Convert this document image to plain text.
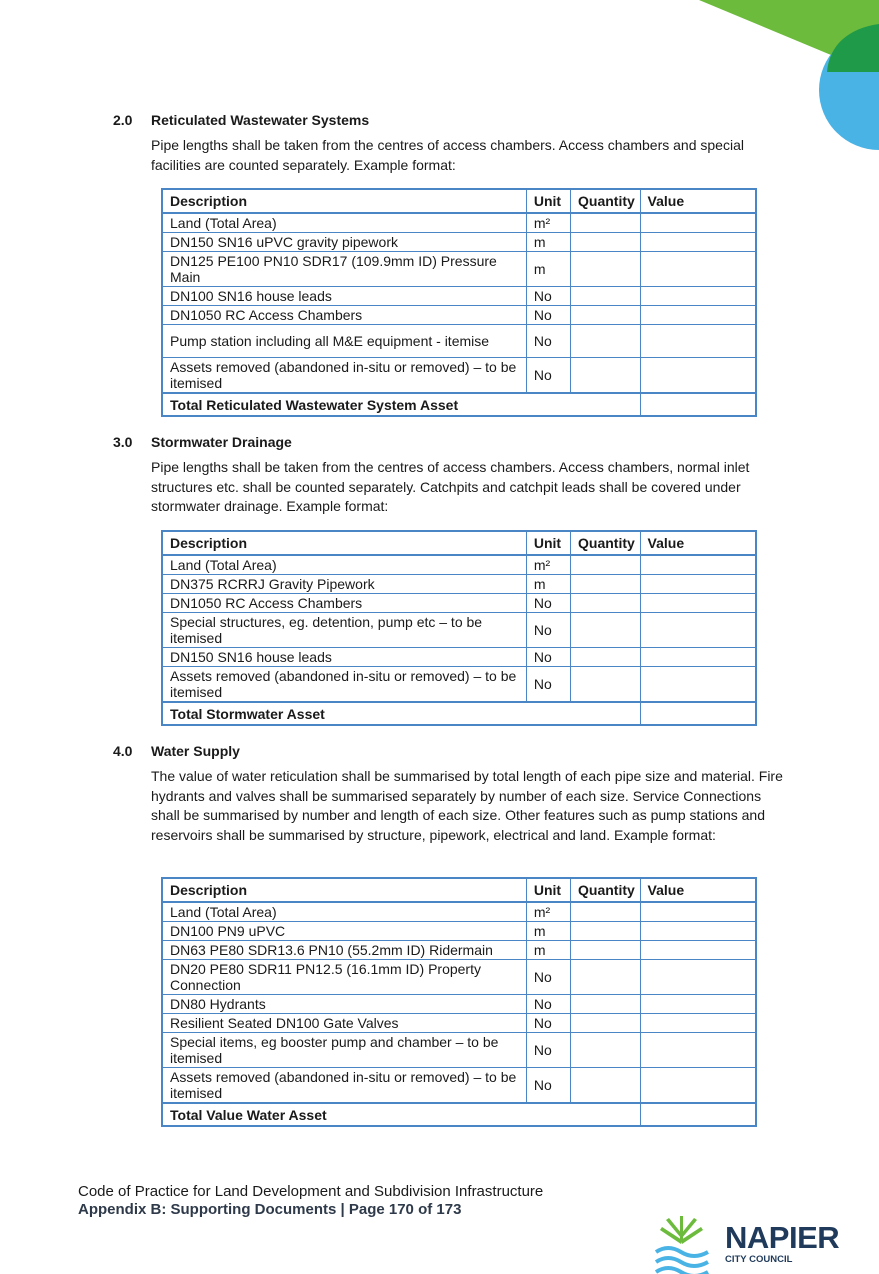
2.0	Reticulated Wastewater Systems
Pipe lengths shall be taken from the centres of access chambers. Access chambers and special facilities are counted separately. Example format:
Description	Unit	Quantity	Value
Land (Total Area)	m²		
DN150 SN16 uPVC gravity pipework	m		
DN125 PE100 PN10 SDR17 (109.9mm ID) Pressure Main	m		
DN100 SN16 house leads	No		
DN1050 RC Access Chambers	No		
Pump station including all M&E equipment - itemise	No		
Assets removed (abandoned in-situ or removed) – to be itemised	No		
Total Reticulated Wastewater System Asset			
3.0	Stormwater Drainage
Pipe lengths shall be taken from the centres of access chambers. Access chambers, normal inlet structures etc. shall be counted separately. Catchpits and catchpit leads shall be covered under stormwater drainage. Example format:
Description	Unit	Quantity	Value
Land (Total Area)	m²		
DN375 RCRRJ Gravity Pipework	m		
DN1050 RC Access Chambers	No		
Special structures, eg. detention, pump etc – to be itemised	No		
DN150 SN16 house leads	No		
Assets removed (abandoned in-situ or removed) – to be itemised	No		
Total Stormwater Asset			
4.0	Water Supply
The value of water reticulation shall be summarised by total length of each pipe size and material. Fire hydrants and valves shall be summarised separately by number of each size. Service Connections shall be summarised by number and length of each size. Other features such as pump stations and reservoirs shall be summarised by structure, pipework, electrical and land. Example format:
Description	Unit	Quantity	Value
Land (Total Area)	m²		
DN100 PN9 uPVC	m		
DN63 PE80 SDR13.6 PN10 (55.2mm ID) Ridermain	m		
DN20 PE80 SDR11 PN12.5 (16.1mm ID) Property Connection	No		
DN80 Hydrants	No		
Resilient Seated DN100 Gate Valves	No		
Special items, eg booster pump and chamber – to be itemised	No		
Assets removed (abandoned in-situ or removed) – to be itemised	No		
Total Value Water Asset			
Code of Practice for Land Development and Subdivision Infrastructure
Appendix B: Supporting Documents | Page 170 of 173
NAPIER
CITY COUNCIL
